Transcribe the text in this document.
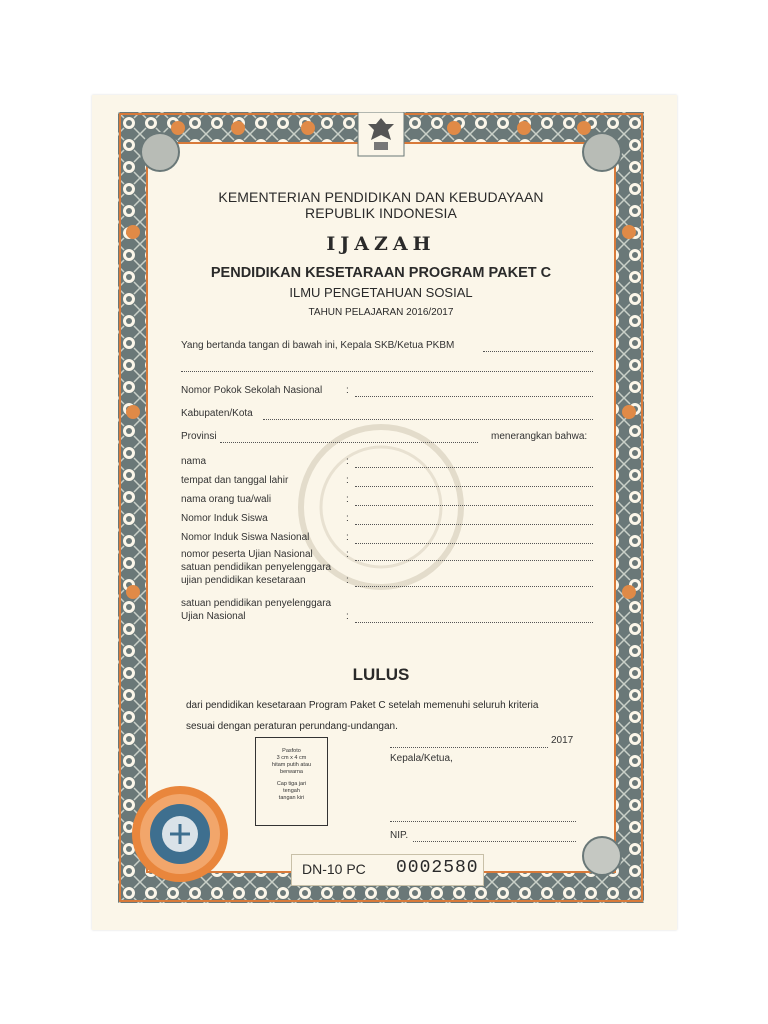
KEMENTERIAN PENDIDIKAN DAN KEBUDAYAAN
REPUBLIK INDONESIA
IJAZAH
PENDIDIKAN KESETARAAN PROGRAM PAKET C
ILMU PENGETAHUAN SOSIAL
TAHUN PELAJARAN 2016/2017
Yang bertanda tangan di bawah ini, Kepala SKB/Ketua PKBM
Nomor Pokok Sekolah Nasional :
Kabupaten/Kota
Provinsi	menerangkan bahwa:
nama	:
tempat dan tanggal lahir	:
nama orang tua/wali	:
Nomor Induk Siswa	:
Nomor Induk Siswa Nasional	:
nomor peserta Ujian Nasional	:
satuan pendidikan penyelenggara
ujian pendidikan kesetaraan	:
satuan pendidikan penyelenggara
Ujian Nasional	:
LULUS
dari pendidikan kesetaraan Program Paket C setelah memenuhi seluruh kriteria
sesuai dengan peraturan perundang-undangan.
2017
Kepala/Ketua,
NIP.
Pasfoto
3 cm x 4 cm
hitam putih atau
berwarna
Cap tiga jari
tengah
tangan kiri
DN-10 PC 0002580
